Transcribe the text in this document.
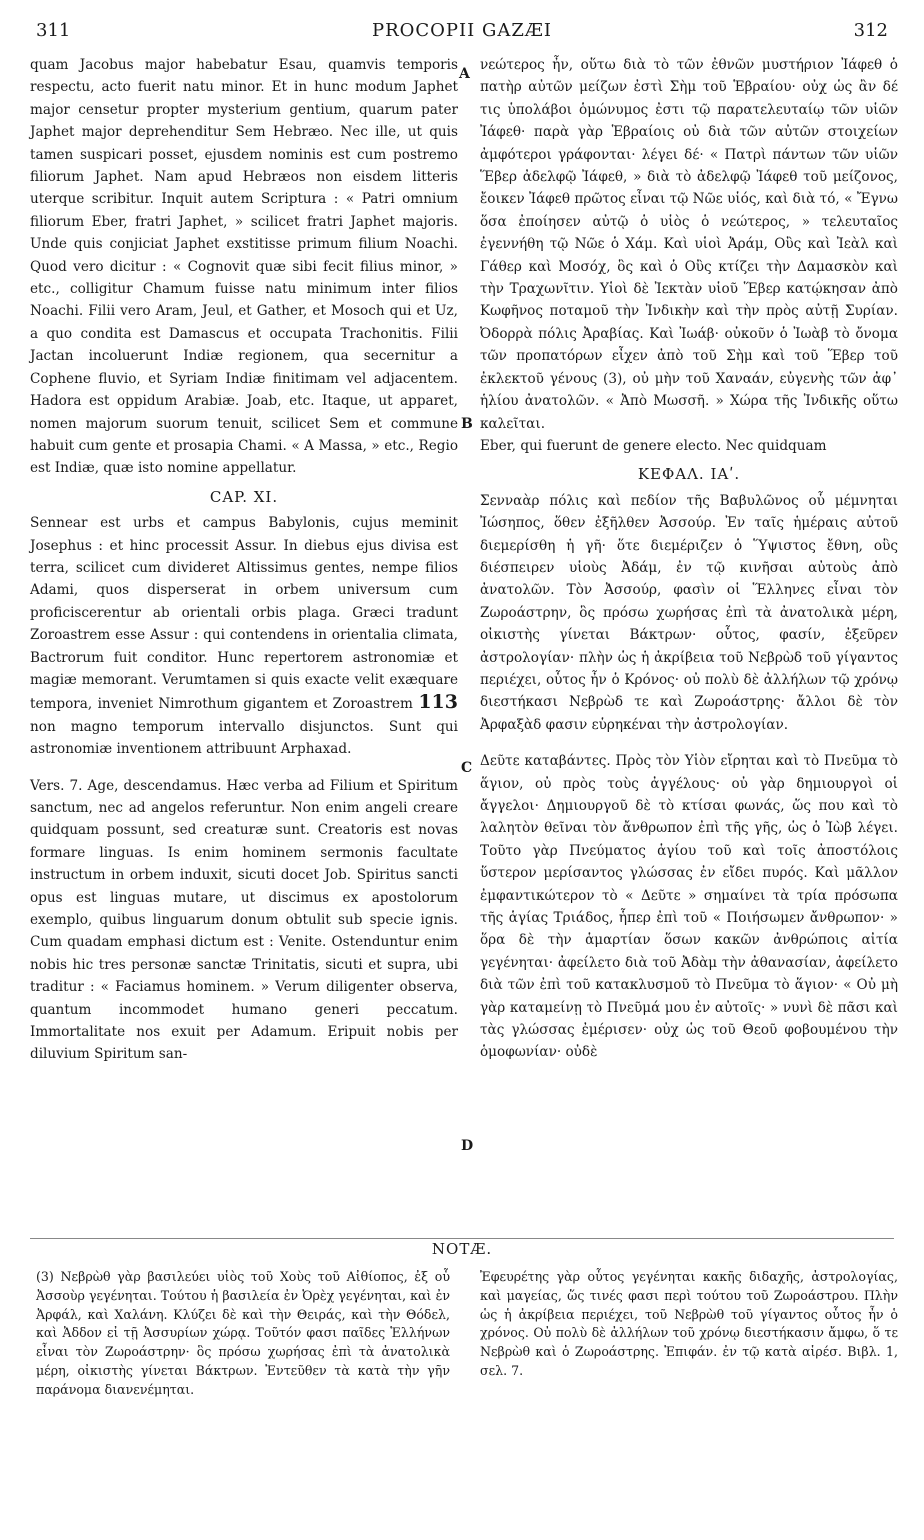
311	PROCOPII GAZÆI	312
A
B
C
D

quam Jacobus major habebatur Esau, quamvis temporis respectu, acto fuerit natu minor. Et in hunc modum Japhet major censetur propter mysterium gentium, quarum pater Japhet major deprehenditur Sem Hebræo. Nec ille, ut quis tamen suspicari posset, ejusdem nominis est cum postremo filiorum Japhet. Nam apud Hebræos non eisdem litteris uterque scribitur. Inquit autem Scriptura : « Patri omnium filiorum Eber, fratri Japhet, » scilicet fratri Japhet majoris. Unde quis conjiciat Japhet exstitisse primum filium Noachi. Quod vero dicitur : « Cognovit quæ sibi fecit filius minor, » etc., colligitur Chamum fuisse natu minimum inter filios Noachi. Filii vero Aram, Jeul, et Gather, et Mosoch qui et Uz, a quo condita est Damascus et occupata Trachonitis. Filii Jactan incoluerunt Indiæ regionem, qua secernitur a Cophene fluvio, et Syriam Indiæ finitimam vel adjacentem. Hadora est oppidum Arabiæ. Joab, etc. Itaque, ut apparet, nomen majorum suorum tenuit, scilicet Sem et commune habuit cum gente et prosapia Chami. « A Massa, » etc., Regio est Indiæ, quæ isto nomine appellatur.

CAP. XI.

Sennear est urbs et campus Babylonis, cujus meminit Josephus : et hinc processit Assur. In diebus ejus divisa est terra, scilicet cum divideret Altissimus gentes, nempe filios Adami, quos disperserat in orbem universum cum proficiscerentur ab orientali orbis plaga. Græci tradunt Zoroastrem esse Assur : qui contendens in orientalia climata, Bactrorum fuit conditor. Hunc repertorem astronomiæ et magiæ memorant. Verumtamen si quis exacte velit exæquare tempora, inveniet Nimrothum gigantem et Zoroastrem 113 non magno temporum intervallo disjunctos. Sunt qui astronomiæ inventionem attribuunt Arphaxad.

Vers. 7. Age, descendamus. Hæc verba ad Filium et Spiritum sanctum, nec ad angelos referuntur. Non enim angeli creare quidquam possunt, sed creaturæ sunt. Creatoris est novas formare linguas. Is enim hominem sermonis facultate instructum in orbem induxit, sicuti docet Job. Spiritus sancti opus est linguas mutare, ut discimus ex apostolorum exemplo, quibus linguarum donum obtulit sub specie ignis. Cum quadam emphasi dictum est : Venite. Ostenduntur enim nobis hic tres personæ sanctæ Trinitatis, sicuti et supra, ubi traditur : « Faciamus hominem. » Verum diligenter observa, quantum incommodet humano generi peccatum. Immortalitate nos exuit per Adamum. Eripuit nobis per diluvium Spiritum san-

νεώτερος ἦν, οὕτω διὰ τὸ τῶν ἐθνῶν μυστήριον Ἰάφεθ ὁ πατὴρ αὐτῶν μείζων ἐστὶ Σὴμ τοῦ Ἑβραίου· οὐχ ὡς ἂν δέ τις ὑπολάβοι ὁμώνυμος ἐστι τῷ παρατελευταίῳ τῶν υἱῶν Ἰάφεθ· παρὰ γὰρ Ἑβραίοις οὐ διὰ τῶν αὐτῶν στοιχείων ἀμφότεροι γράφονται· λέγει δέ· « Πατρὶ πάντων τῶν υἱῶν Ἕβερ ἀδελφῷ Ἰάφεθ, » διὰ τὸ ἀδελφῷ Ἰάφεθ τοῦ μείζονος, ἔοικεν Ἰάφεθ πρῶτος εἶναι τῷ Νῶε υἱός, καὶ διὰ τό, « Ἔγνω ὅσα ἐποίησεν αὐτῷ ὁ υἱὸς ὁ νεώτερος, » τελευταῖος ἐγεννήθη τῷ Νῶε ὁ Χάμ. Καὶ υἱοὶ Ἀράμ, Οὒς καὶ Ἰεὰλ καὶ Γάθερ καὶ Μοσόχ, ὃς καὶ ὁ Οὒς κτίζει τὴν Δαμασκὸν καὶ τὴν Τραχωνῖτιν. Υἱοὶ δὲ Ἰεκτὰν υἱοῦ Ἕβερ κατῴκησαν ἀπὸ Κωφῆνος ποταμοῦ τὴν Ἰνδικὴν καὶ τὴν πρὸς αὐτῇ Συρίαν. Ὀδορρὰ πόλις Ἀραβίας. Καὶ Ἰωάβ· οὐκοῦν ὁ Ἰωὰβ τὸ ὄνομα τῶν προπατόρων εἶχεν ἀπὸ τοῦ Σὴμ καὶ τοῦ Ἕβερ τοῦ ἐκλεκτοῦ γένους (3), οὐ μὴν τοῦ Χαναάν, εὐγενὴς τῶν ἀφ᾽ ἡλίου ἀνατολῶν. « Ἀπὸ Μωσσῆ. » Χώρα τῆς Ἰνδικῆς οὕτω καλεῖται.

Eber, qui fuerunt de genere electo. Nec quidquam

ΚΕΦΑΛ. ΙΑʹ.

Σενναὰρ πόλις καὶ πεδίον τῆς Βαβυλῶνος οὗ μέμνηται Ἰώσηπος, ὅθεν ἐξῆλθεν Ἀσσούρ. Ἐν ταῖς ἡμέραις αὐτοῦ διεμερίσθη ἡ γῆ· ὅτε διεμέριζεν ὁ Ὕψιστος ἔθνη, οὓς διέσπειρεν υἱοὺς Ἀδάμ, ἐν τῷ κινῆσαι αὐτοὺς ἀπὸ ἀνατολῶν. Τὸν Ἀσσούρ, φασὶν οἱ Ἕλληνες εἶναι τὸν Ζωροάστρην, ὃς πρόσω χωρήσας ἐπὶ τὰ ἀνατολικὰ μέρη, οἰκιστὴς γίνεται Βάκτρων· οὗτος, φασίν, ἐξεῦρεν ἀστρολογίαν· πλὴν ὡς ἡ ἀκρίβεια τοῦ Νεβρὼδ τοῦ γίγαντος περιέχει, οὗτος ἦν ὁ Κρόνος· οὐ πολὺ δὲ ἀλλήλων τῷ χρόνῳ διεστήκασι Νεβρὼδ τε καὶ Ζωροάστρης· ἄλλοι δὲ τὸν Ἀρφαξὰδ φασιν εὑρηκέναι τὴν ἀστρολογίαν.

Δεῦτε καταβάντες. Πρὸς τὸν Υἱὸν εἴρηται καὶ τὸ Πνεῦμα τὸ ἅγιον, οὐ πρὸς τοὺς ἀγγέλους· οὐ γὰρ δημιουργοὶ οἱ ἄγγελοι· Δημιουργοῦ δὲ τὸ κτίσαι φωνάς, ὥς που καὶ τὸ λαλητὸν θεῖναι τὸν ἄνθρωπον ἐπὶ τῆς γῆς, ὡς ὁ Ἰὼβ λέγει. Τοῦτο γὰρ Πνεύματος ἁγίου τοῦ καὶ τοῖς ἀποστόλοις ὕστερον μερίσαντος γλώσσας ἐν εἴδει πυρός. Καὶ μᾶλλον ἐμφαντικώτερον τὸ « Δεῦτε » σημαίνει τὰ τρία πρόσωπα τῆς ἁγίας Τριάδος, ἧπερ ἐπὶ τοῦ « Ποιήσωμεν ἄνθρωπον· » ὅρα δὲ τὴν ἁμαρτίαν ὅσων κακῶν ἀνθρώποις αἰτία γεγένηται· ἀφείλετο διὰ τοῦ Ἀδὰμ τὴν ἀθανασίαν, ἀφείλετο διὰ τῶν ἐπὶ τοῦ κατακλυσμοῦ τὸ Πνεῦμα τὸ ἅγιον· « Οὐ μὴ γὰρ καταμείνῃ τὸ Πνεῦμά μου ἐν αὐτοῖς· » νυνὶ δὲ πᾶσι καὶ τὰς γλώσσας ἐμέρισεν· οὐχ ὡς τοῦ Θεοῦ φοβουμένου τὴν ὁμοφωνίαν· οὐδὲ

NOTÆ.
(3) Νεβρὼθ γὰρ βασιλεύει υἱὸς τοῦ Χοὺς τοῦ Αἰθίοπος, ἐξ οὗ Ἀσσοὺρ γεγένηται. Τούτου ἡ βασιλεία ἐν Ὀρὲχ γεγένηται, καὶ ἐν Ἀρφάλ, καὶ Χαλάνη. Κλύζει δὲ καὶ τὴν Θειράς, καὶ τὴν Θόδελ, καὶ Ἀδδον εἰ τῇ Ἀσσυρίων χώρᾳ. Τοῦτόν φασι παῖδες Ἑλλήνων εἶναι τὸν Ζωροάστρην· ὃς πρόσω χωρήσας ἐπὶ τὰ ἀνατολικὰ μέρη, οἰκιστὴς γίνεται Βάκτρων. Ἐντεῦθεν τὰ κατὰ τὴν γῆν παράνομα διανενέμηται.
Ἐφευρέτης γὰρ οὗτος γεγένηται κακῆς διδαχῆς, ἀστρολογίας, καὶ μαγείας, ὥς τινές φασι περὶ τούτου τοῦ Ζωροάστρου. Πλὴν ὡς ἡ ἀκρίβεια περιέχει, τοῦ Νεβρὼθ τοῦ γίγαντος οὗτος ἦν ὁ χρόνος. Οὐ πολὺ δὲ ἀλλήλων τοῦ χρόνῳ διεστήκασιν ἄμφω, ὅ τε Νεβρὼθ καὶ ὁ Ζωροάστρης. Ἐπιφάν. ἐν τῷ κατὰ αἱρέσ. Βιβλ. 1, σελ. 7.
